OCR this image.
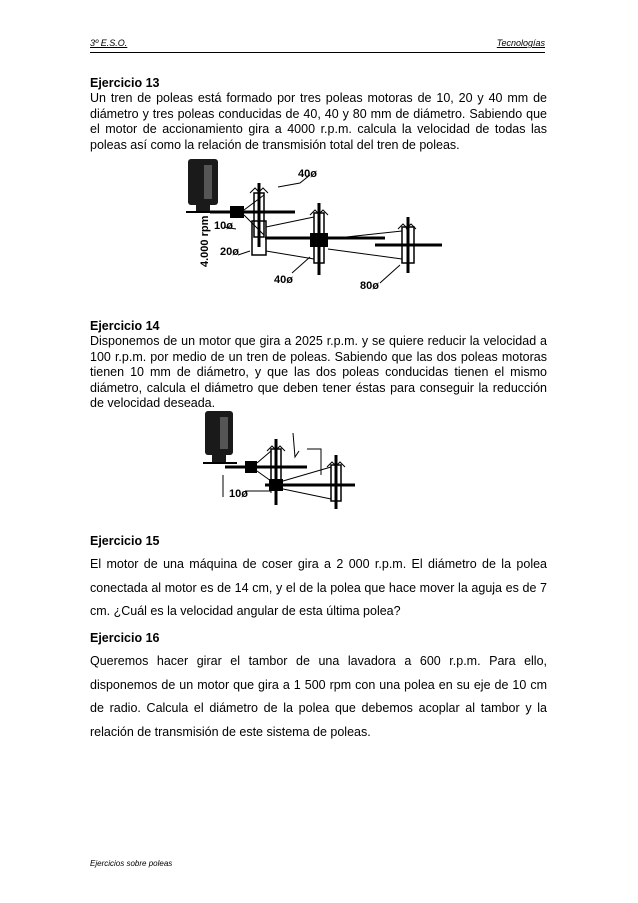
3º E.S.O.	Tecnologías
Ejercicio 13

Un tren de poleas está formado por tres poleas motoras de 10, 20 y 40 mm de diámetro y tres poleas conducidas de 40, 40 y 80 mm de diámetro. Sabiendo que el motor de accionamiento gira a 4000 r.p.m. calcula la velocidad de todas las poleas así como la relación de transmisión total del tren de poleas.

4.000 rpm 10ø
20ø
40ø
40ø	80ø
Ejercicio 14

Disponemos de un motor que gira a 2025 r.p.m. y se quiere reducir la velocidad a 100 r.p.m. por medio de un tren de poleas. Sabiendo que las dos poleas motoras tienen 10 mm de diámetro, y que las dos poleas conducidas tienen el mismo diámetro, calcula el diámetro que deben tener éstas para conseguir la reducción de velocidad deseada.

10ø
Ejercicio 15

El motor de una máquina de coser gira a 2 000 r.p.m. El diámetro de la polea conectada al motor es de 14 cm, y el de la polea que hace mover la aguja es de 7 cm. ¿Cuál es la velocidad angular de esta última polea?

Ejercicio 16

Queremos hacer girar el tambor de una lavadora a 600 r.p.m. Para ello, disponemos de un motor que gira a 1 500 rpm con una polea en su eje de 10 cm de radio. Calcula el diámetro de la polea que debemos acoplar al tambor y la relación de transmisión de este sistema de poleas.

Ejercicios sobre poleas
